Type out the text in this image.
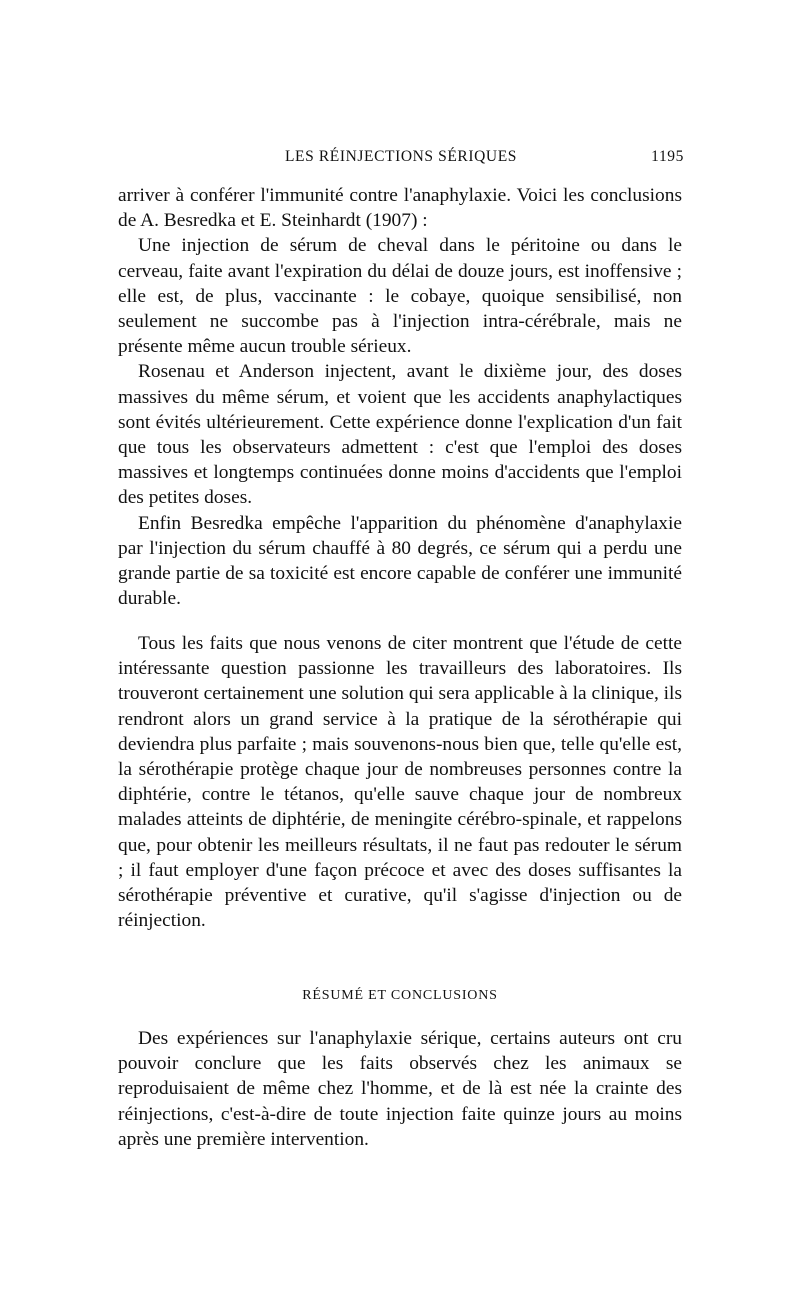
LES RÉINJECTIONS SÉRIQUES	1195

arriver à conférer l'immunité contre l'anaphylaxie. Voici les conclusions de A. Besredka et E. Steinhardt (1907) :

Une injection de sérum de cheval dans le péritoine ou dans le cerveau, faite avant l'expiration du délai de douze jours, est inoffensive ; elle est, de plus, vaccinante : le cobaye, quoique sensibilisé, non seulement ne succombe pas à l'injection intra-cérébrale, mais ne présente même aucun trouble sérieux.

Rosenau et Anderson injectent, avant le dixième jour, des doses massives du même sérum, et voient que les accidents anaphylactiques sont évités ultérieurement. Cette expérience donne l'explication d'un fait que tous les observateurs admettent : c'est que l'emploi des doses massives et longtemps continuées donne moins d'accidents que l'emploi des petites doses.

Enfin Besredka empêche l'apparition du phénomène d'anaphylaxie par l'injection du sérum chauffé à 80 degrés, ce sérum qui a perdu une grande partie de sa toxicité est encore capable de conférer une immunité durable.

Tous les faits que nous venons de citer montrent que l'étude de cette intéressante question passionne les travailleurs des laboratoires. Ils trouveront certainement une solution qui sera applicable à la clinique, ils rendront alors un grand service à la pratique de la sérothérapie qui deviendra plus parfaite ; mais souvenons-nous bien que, telle qu'elle est, la sérothérapie protège chaque jour de nombreuses personnes contre la diphtérie, contre le tétanos, qu'elle sauve chaque jour de nombreux malades atteints de diphtérie, de meningite cérébro-spinale, et rappelons que, pour obtenir les meilleurs résultats, il ne faut pas redouter le sérum ; il faut employer d'une façon précoce et avec des doses suffisantes la sérothérapie préventive et curative, qu'il s'agisse d'injection ou de réinjection.

RÉSUMÉ ET CONCLUSIONS

Des expériences sur l'anaphylaxie sérique, certains auteurs ont cru pouvoir conclure que les faits observés chez les animaux se reproduisaient de même chez l'homme, et de là est née la crainte des réinjections, c'est-à-dire de toute injection faite quinze jours au moins après une première intervention.
